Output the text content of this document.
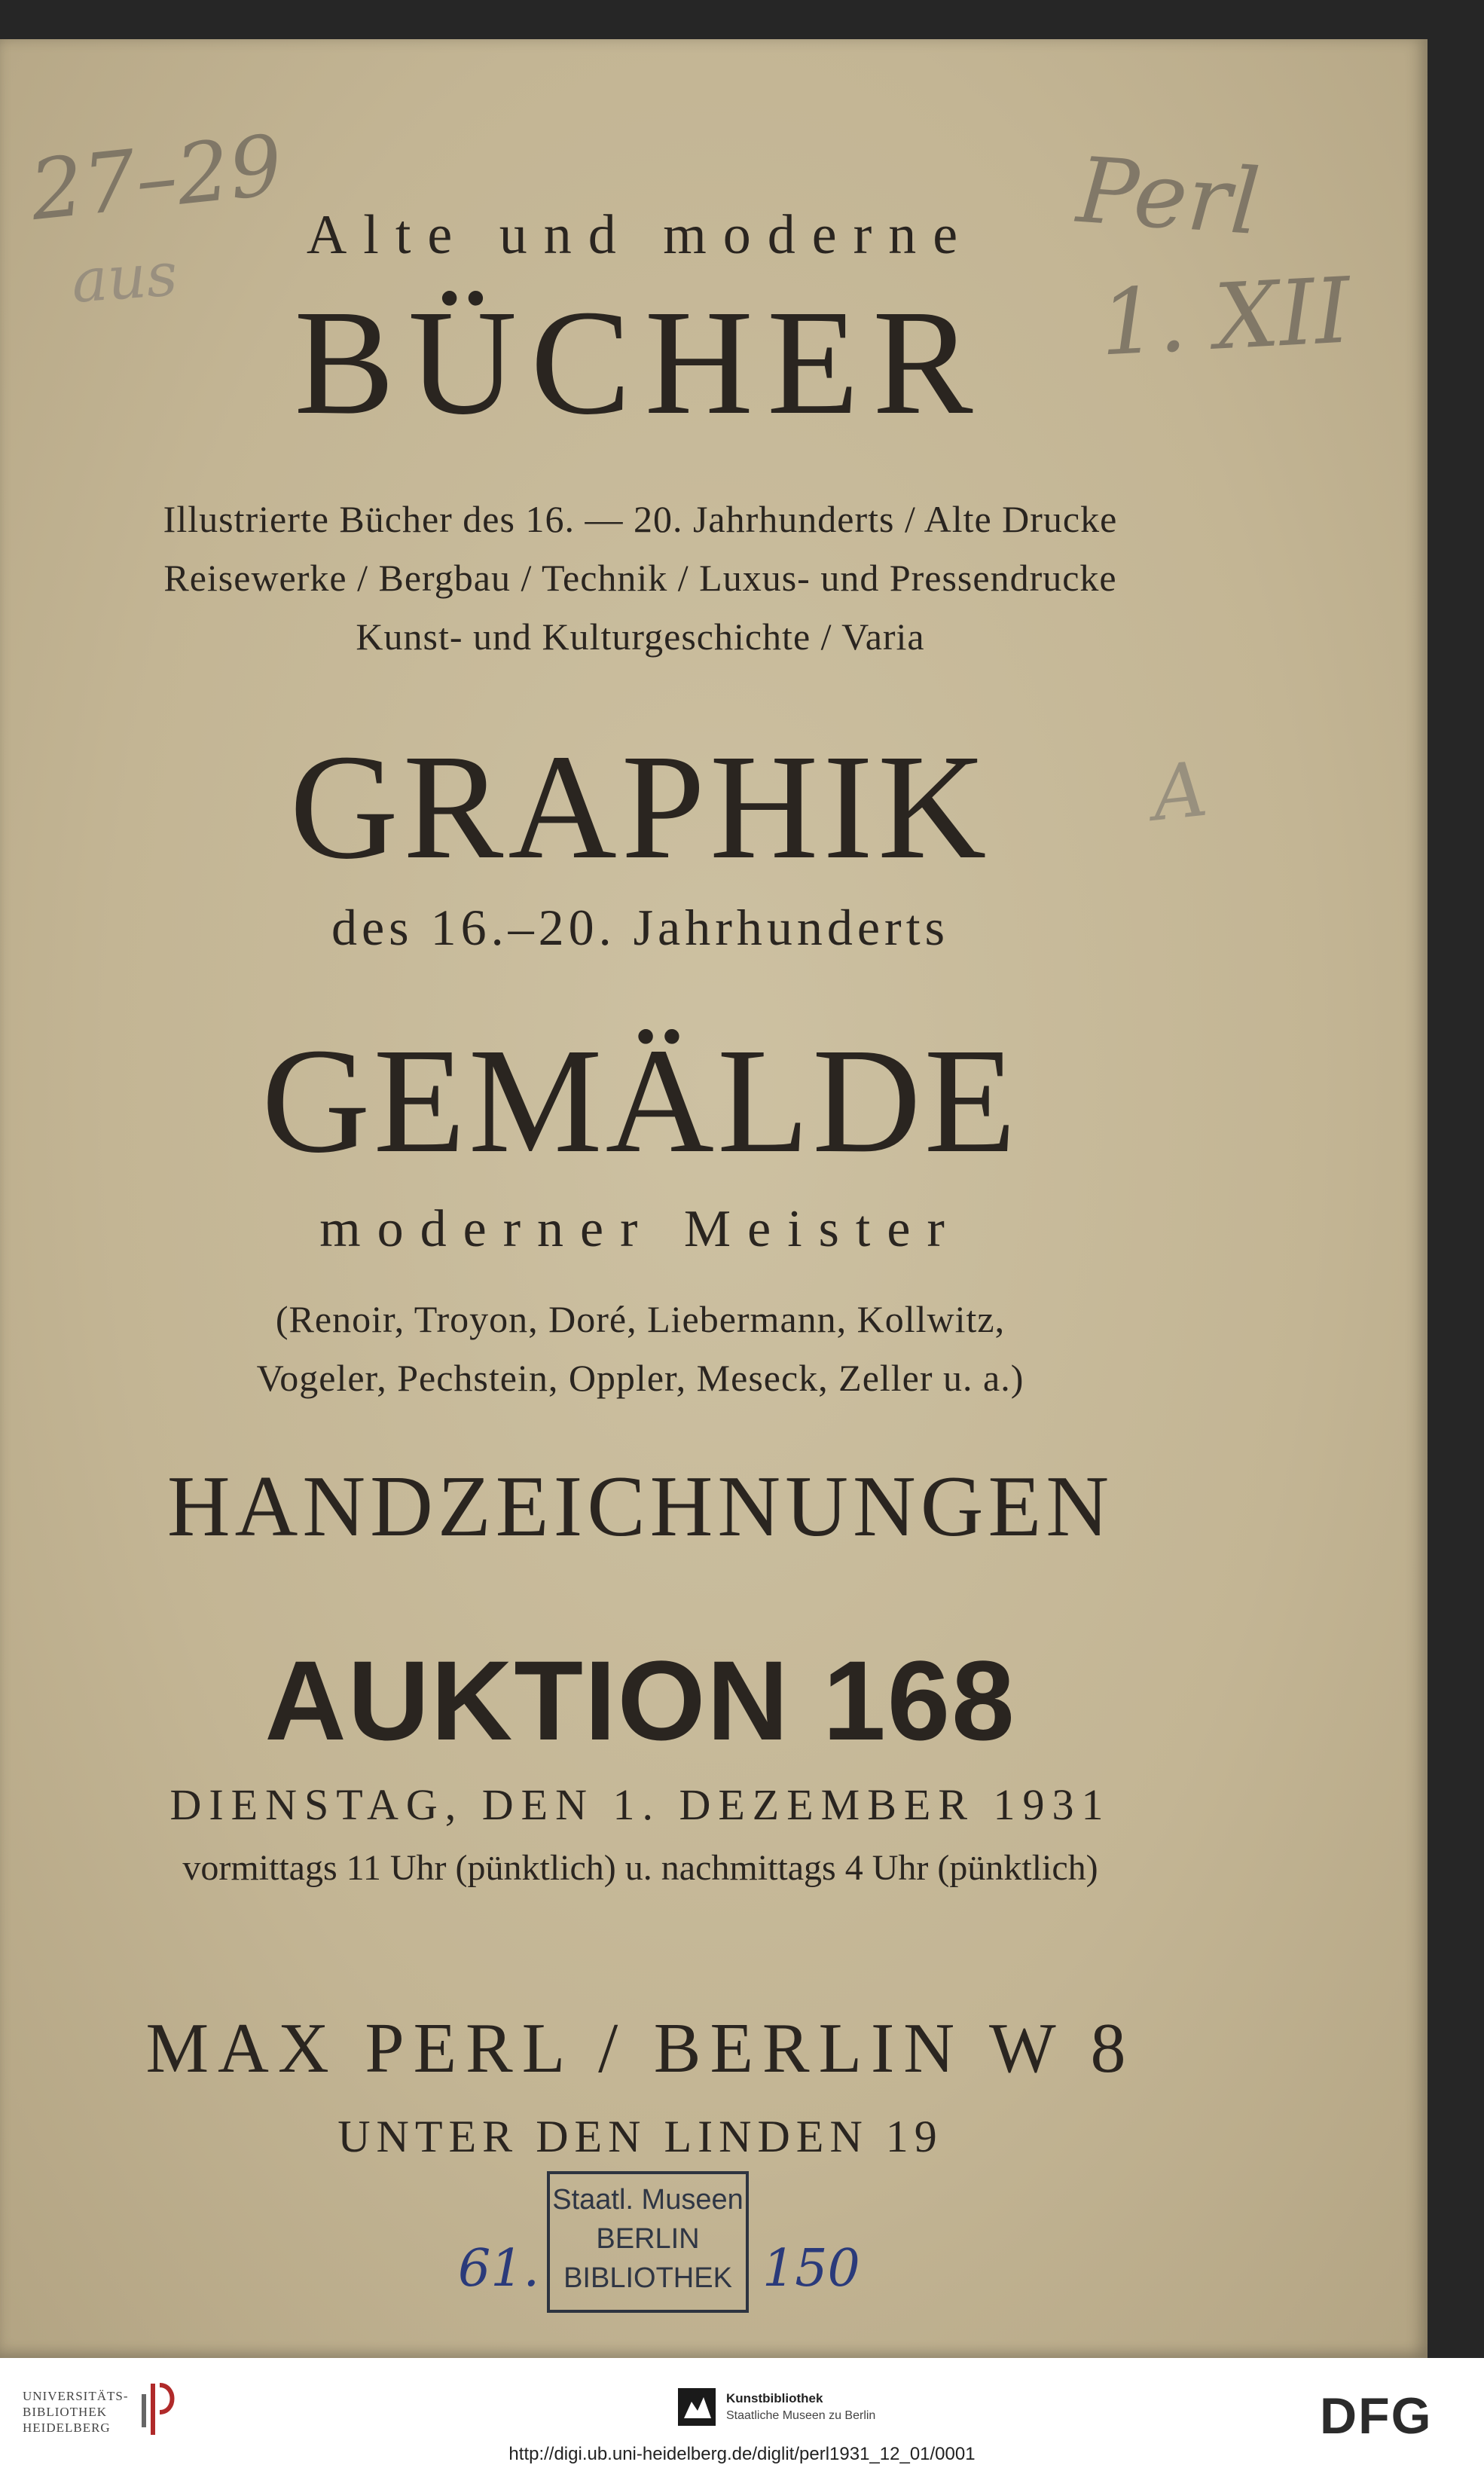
27–29
aus
Perl
1. XII
A
Alte und moderne
BÜCHER
Illustrierte Bücher des 16. — 20. Jahrhunderts / Alte Drucke
Reisewerke / Bergbau / Technik / Luxus- und Pressendrucke
Kunst- und Kulturgeschichte / Varia
GRAPHIK
des 16.–20. Jahrhunderts
GEMÄLDE
moderner Meister
(Renoir, Troyon, Doré, Liebermann, Kollwitz,
Vogeler, Pechstein, Oppler, Meseck, Zeller u. a.)
HANDZEICHNUNGEN
AUKTION 168
DIENSTAG, DEN 1. DEZEMBER 1931
vormittags 11 Uhr (pünktlich) u. nachmittags 4 Uhr (pünktlich)
MAX PERL / BERLIN W 8
UNTER DEN LINDEN 19
Staatl. Museen
BERLIN
BIBLIOTHEK
61.	150
UNIVERSITÄTS-
BIBLIOTHEK
HEIDELBERG
Kunstbibliothek
Staatliche Museen zu Berlin	DFG
http://digi.ub.uni-heidelberg.de/diglit/perl1931_12_01/0001
